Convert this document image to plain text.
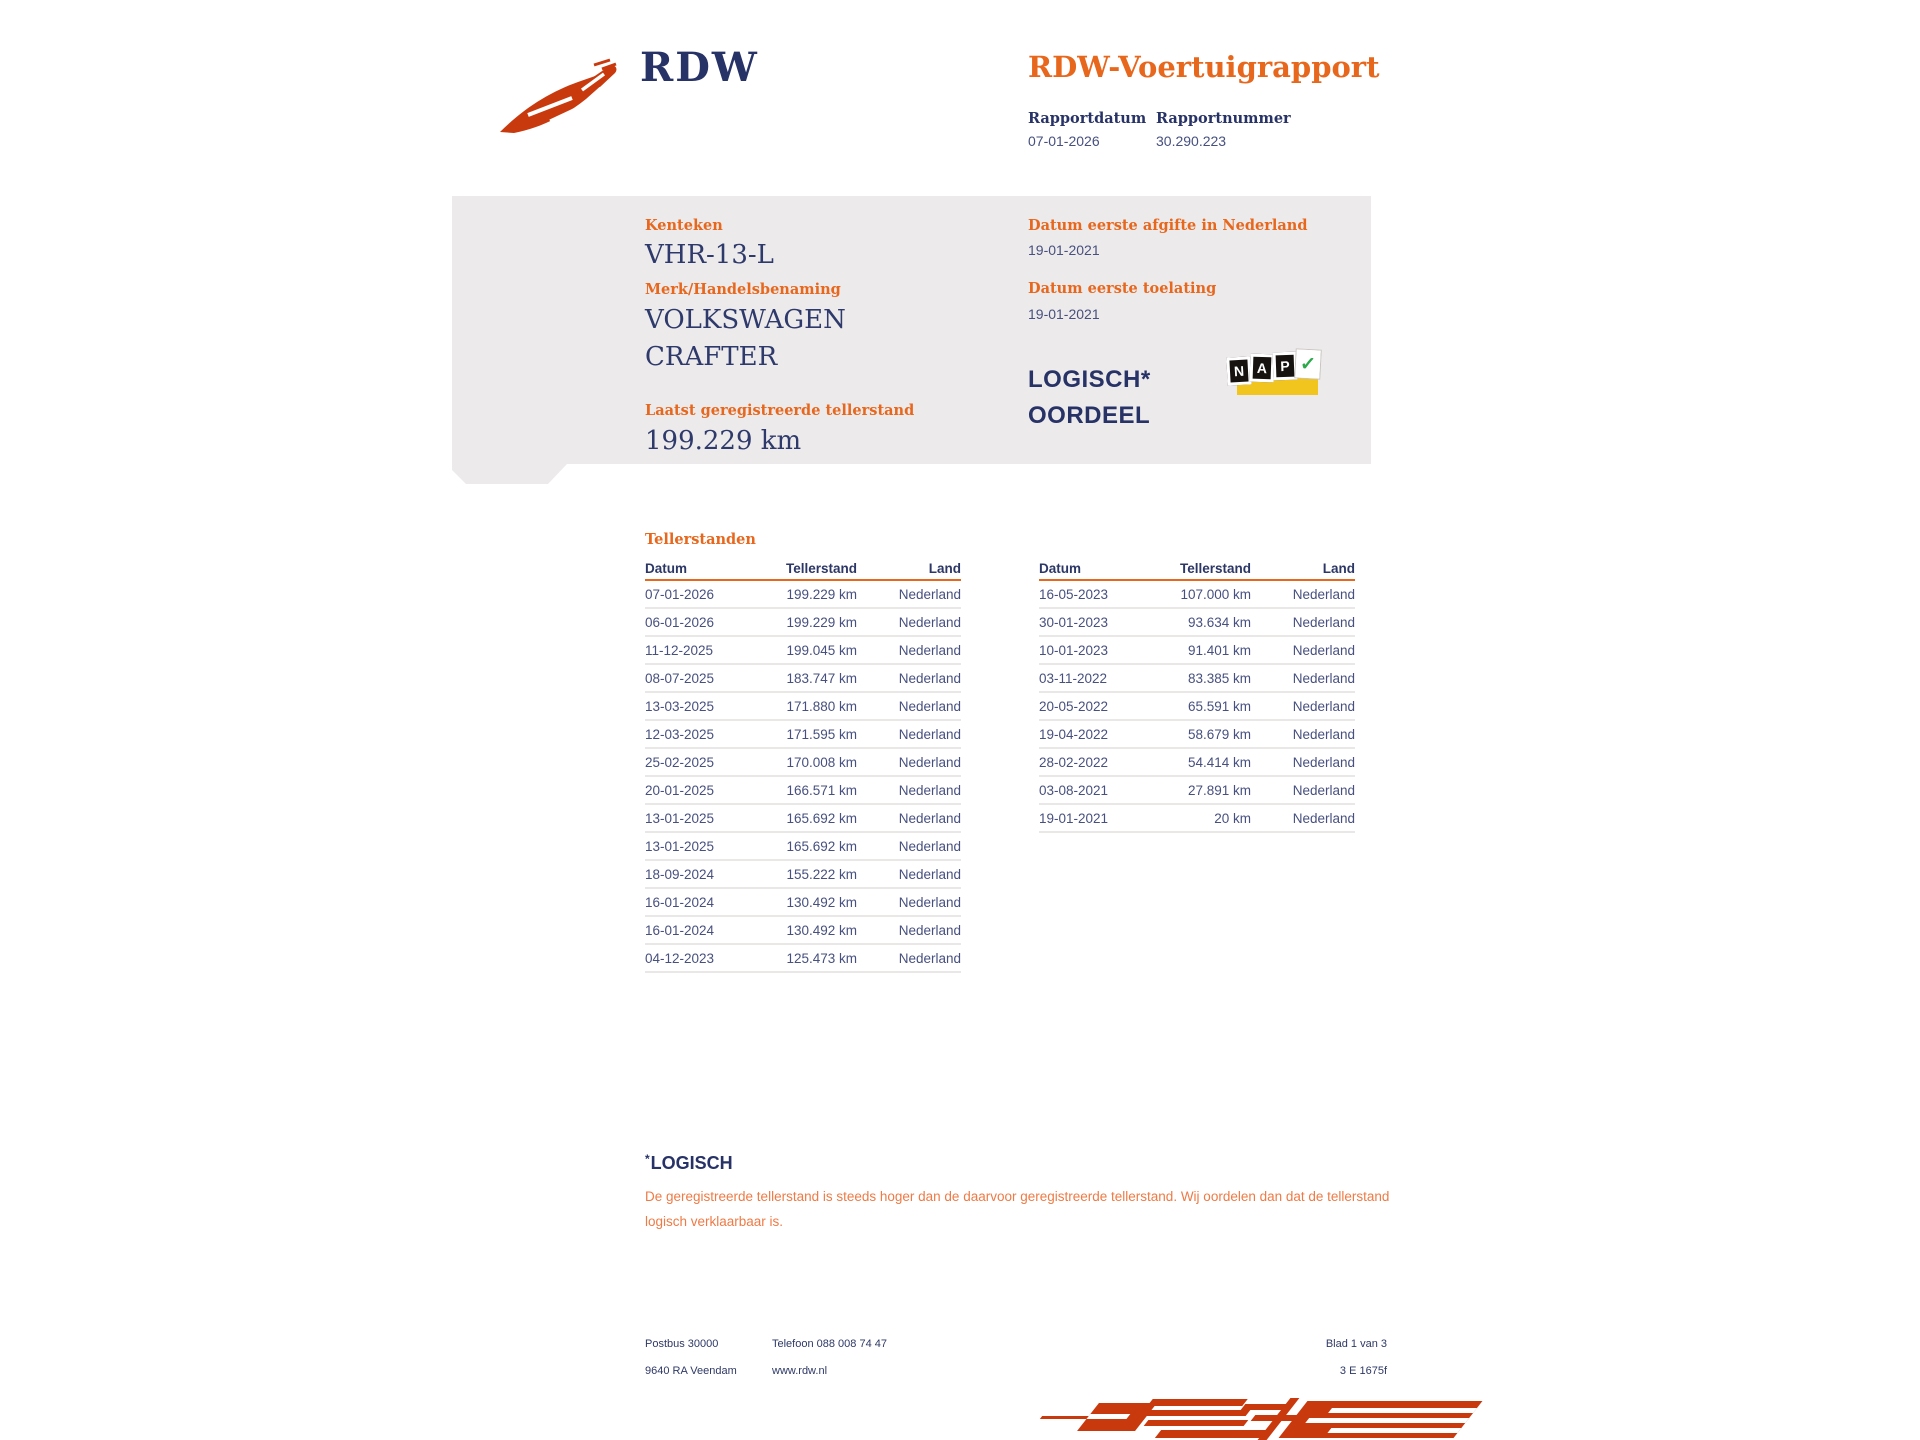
RDW	RDW-Voertuigrapport
Rapportdatum Rapportnummer
07-01-2026	30.290.223
Kenteken
VHR-13-L
Merk/Handelsbenaming
VOLKSWAGEN
CRAFTER
Laatst geregistreerde tellerstand
199.229 km
Datum eerste afgifte in Nederland
19-01-2021
Datum eerste toelating
19-01-2021
LOGISCH*
OORDEEL
N A P ✓
Tellerstanden
Datum	Tellerstand	Land
07-01-2026	199.229 km	Nederland
06-01-2026	199.229 km	Nederland
11-12-2025	199.045 km	Nederland
08-07-2025	183.747 km	Nederland
13-03-2025	171.880 km	Nederland
12-03-2025	171.595 km	Nederland
25-02-2025	170.008 km	Nederland
20-01-2025	166.571 km	Nederland
13-01-2025	165.692 km	Nederland
13-01-2025	165.692 km	Nederland
18-09-2024	155.222 km	Nederland
16-01-2024	130.492 km	Nederland
16-01-2024	130.492 km	Nederland
04-12-2023	125.473 km	Nederland
Datum	Tellerstand	Land
16-05-2023	107.000 km	Nederland
30-01-2023	93.634 km	Nederland
10-01-2023	91.401 km	Nederland
03-11-2022	83.385 km	Nederland
20-05-2022	65.591 km	Nederland
19-04-2022	58.679 km	Nederland
28-02-2022	54.414 km	Nederland
03-08-2021	27.891 km	Nederland
19-01-2021	20 km	Nederland
*LOGISCH
De geregistreerde tellerstand is steeds hoger dan de daarvoor geregistreerde tellerstand. Wij oordelen dan dat de tellerstand logisch verklaarbaar is.
Postbus 30000
9640 RA Veendam
Telefoon 088 008 74 47
www.rdw.nl
Blad 1 van 3
3 E 1675f
